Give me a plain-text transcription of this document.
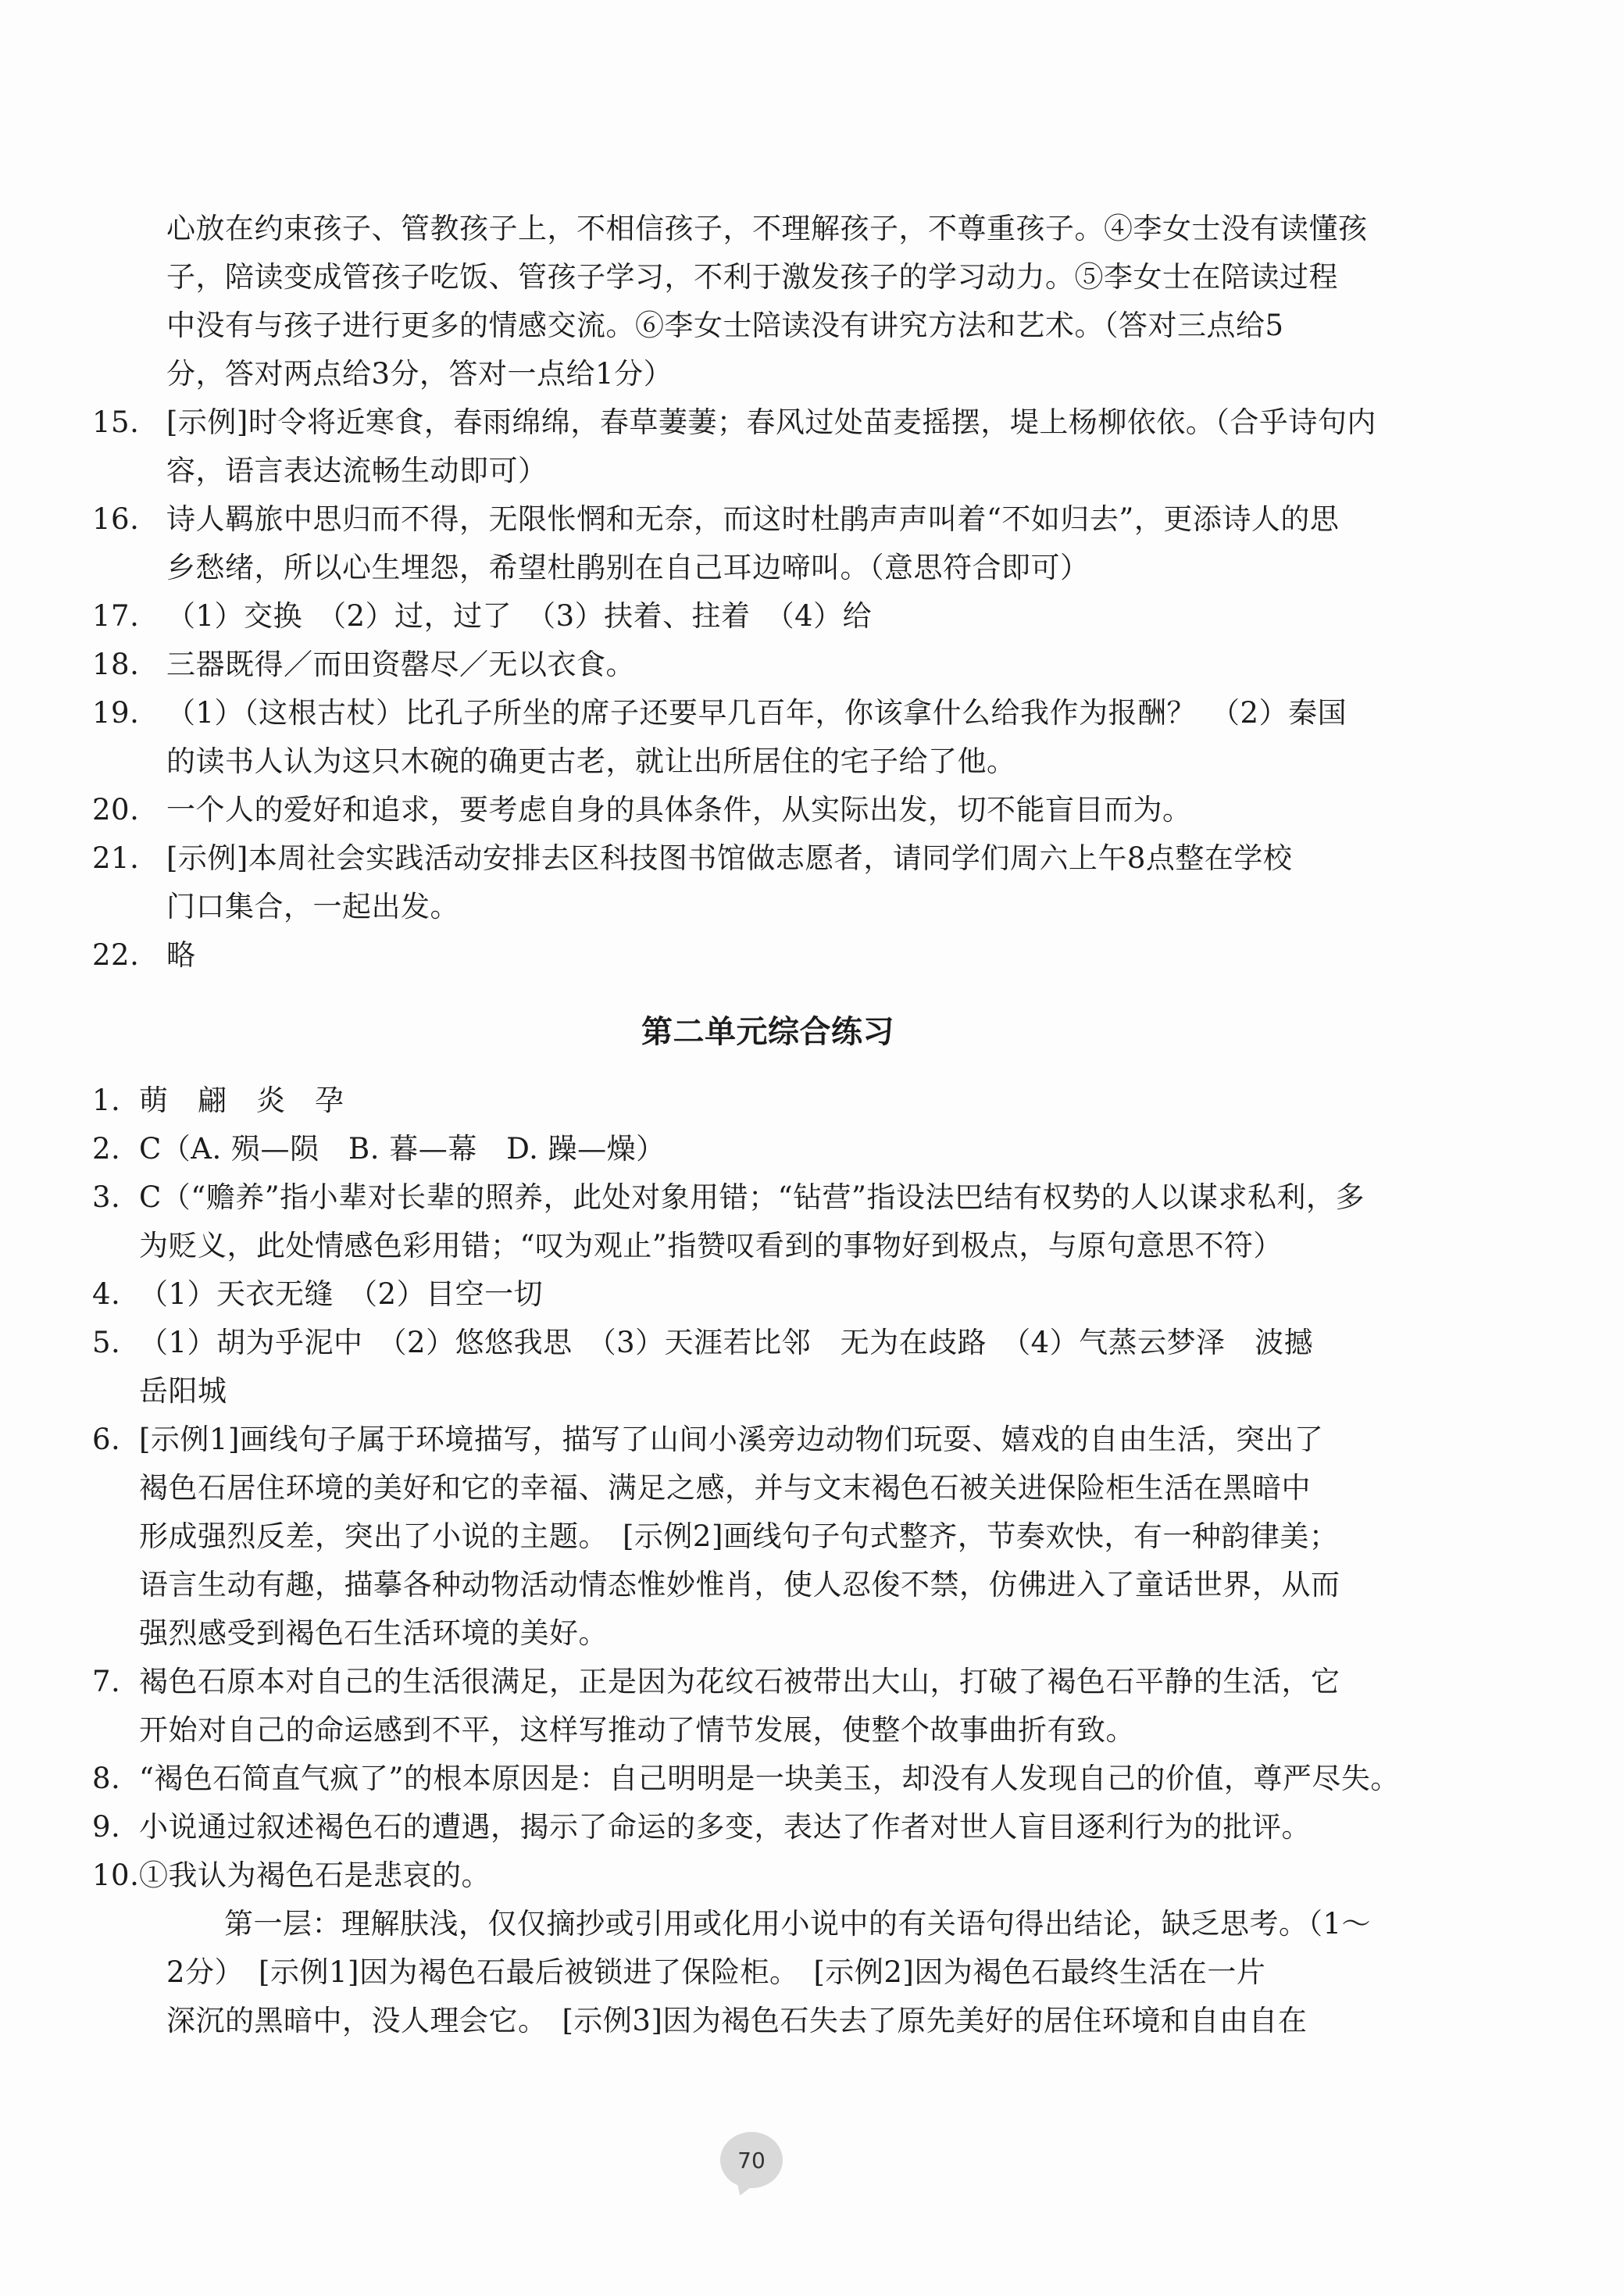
心放在约束孩子、管教孩子上，不相信孩子，不理解孩子，不尊重孩子。④李女士没有读懂孩
子，陪读变成管孩子吃饭、管孩子学习，不利于激发孩子的学习动力。⑤李女士在陪读过程
中没有与孩子进行更多的情感交流。⑥李女士陪读没有讲究方法和艺术。（答对三点给5
分，答对两点给3分，答对一点给1分）
15. [示例]时令将近寒食，春雨绵绵，春草萋萋；春风过处苗麦摇摆，堤上杨柳依依。（合乎诗句内
容，语言表达流畅生动即可）
16. 诗人羁旅中思归而不得，无限怅惘和无奈，而这时杜鹃声声叫着“不如归去”，更添诗人的思
乡愁绪，所以心生埋怨，希望杜鹃别在自己耳边啼叫。（意思符合即可）
17. （1）交换　（2）过，过了　（3）扶着、拄着　（4）给
18. 三器既得／而田资罄尽／无以衣食。
19. （1）（这根古杖）比孔子所坐的席子还要早几百年，你该拿什么给我作为报酬？　（2）秦国
的读书人认为这只木碗的确更古老，就让出所居住的宅子给了他。
20. 一个人的爱好和追求，要考虑自身的具体条件，从实际出发，切不能盲目而为。
21. [示例]本周社会实践活动安排去区科技图书馆做志愿者，请同学们周六上午8点整在学校
门口集合，一起出发。
22. 略
第二单元综合练习
1. 萌　翩　炎　孕
2. C（A. 殒—陨　B. 暮—幕　D. 躁—燥）
3. C（“赡养”指小辈对长辈的照养，此处对象用错；“钻营”指设法巴结有权势的人以谋求私利，多
为贬义，此处情感色彩用错；“叹为观止”指赞叹看到的事物好到极点，与原句意思不符）
4. （1）天衣无缝　（2）目空一切
5. （1）胡为乎泥中　（2）悠悠我思　（3）天涯若比邻　无为在歧路　（4）气蒸云梦泽　波撼
岳阳城
6. [示例1]画线句子属于环境描写，描写了山间小溪旁边动物们玩耍、嬉戏的自由生活，突出了
褐色石居住环境的美好和它的幸福、满足之感，并与文末褐色石被关进保险柜生活在黑暗中
形成强烈反差，突出了小说的主题。　[示例2]画线句子句式整齐，节奏欢快，有一种韵律美；
语言生动有趣，描摹各种动物活动情态惟妙惟肖，使人忍俊不禁，仿佛进入了童话世界，从而
强烈感受到褐色石生活环境的美好。
7. 褐色石原本对自己的生活很满足，正是因为花纹石被带出大山，打破了褐色石平静的生活，它
开始对自己的命运感到不平，这样写推动了情节发展，使整个故事曲折有致。
8. “褐色石简直气疯了”的根本原因是：自己明明是一块美玉，却没有人发现自己的价值，尊严尽失。
9. 小说通过叙述褐色石的遭遇，揭示了命运的多变，表达了作者对世人盲目逐利行为的批评。
10. ①我认为褐色石是悲哀的。
第一层：理解肤浅，仅仅摘抄或引用或化用小说中的有关语句得出结论，缺乏思考。（1～
2分）　[示例1]因为褐色石最后被锁进了保险柜。　[示例2]因为褐色石最终生活在一片
深沉的黑暗中，没人理会它。　[示例3]因为褐色石失去了原先美好的居住环境和自由自在
70
